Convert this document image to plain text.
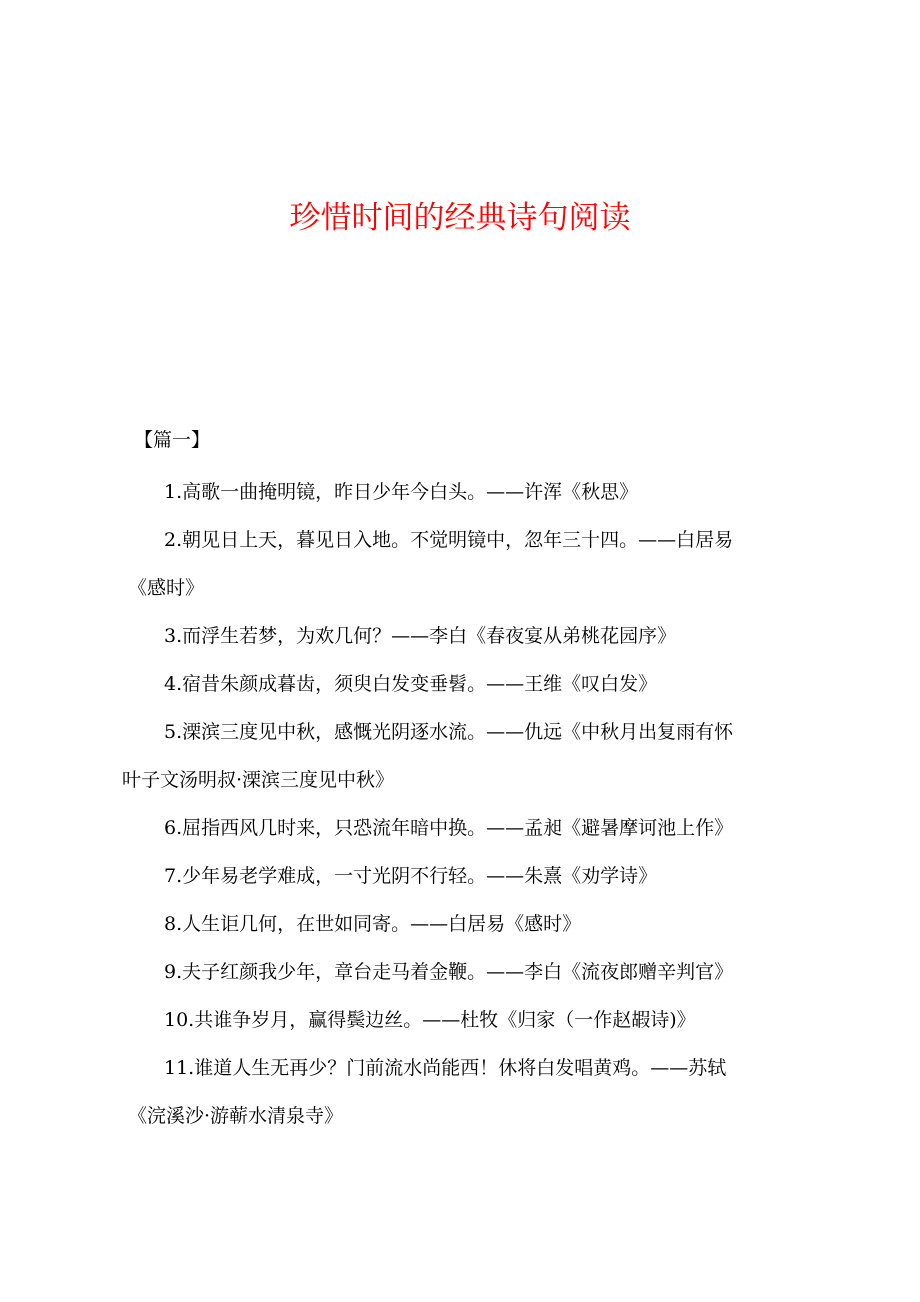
珍惜时间的经典诗句阅读
【篇一】
1.高歌一曲掩明镜，昨日少年今白头。——许浑《秋思》
2.朝见日上天，暮见日入地。不觉明镜中，忽年三十四。——白居易
《感时》
3.而浮生若梦，为欢几何？——李白《春夜宴从弟桃花园序》
4.宿昔朱颜成暮齿，须臾白发变垂髫。——王维《叹白发》
5.溧滨三度见中秋，感慨光阴逐水流。——仇远《中秋月出复雨有怀
叶子文汤明叔·溧滨三度见中秋》
6.屈指西风几时来，只恐流年暗中换。——孟昶《避暑摩诃池上作》
7.少年易老学难成，一寸光阴不行轻。——朱熹《劝学诗》
8.人生讵几何，在世如同寄。——白居易《感时》
9.夫子红颜我少年，章台走马着金鞭。——李白《流夜郎赠辛判官》
10.共谁争岁月，赢得鬓边丝。——杜牧《归家（一作赵嘏诗)》
11.谁道人生无再少？门前流水尚能西！休将白发唱黄鸡。——苏轼
《浣溪沙·游蕲水清泉寺》
